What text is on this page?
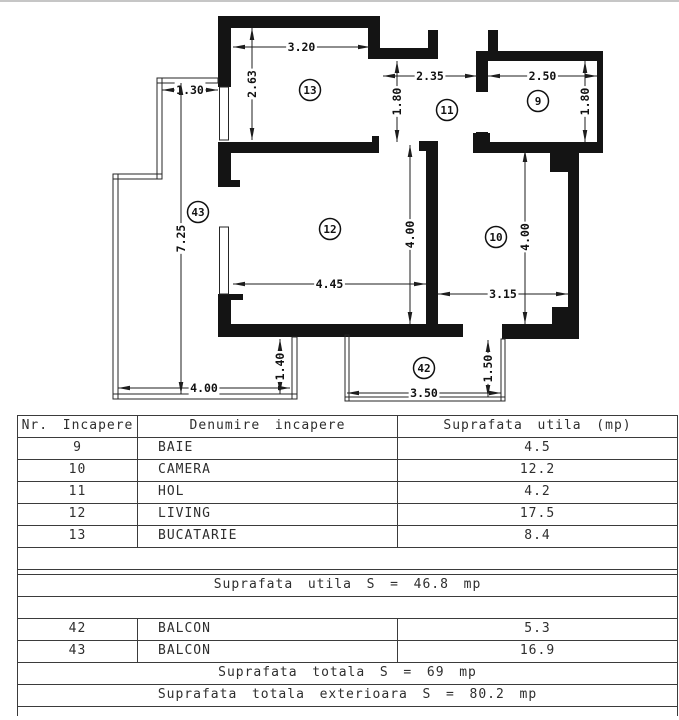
3.20
2.63
1.30
2.35	2.50
1.80	1.80
7.25	4.00	4.00
4.45
3.15
1.40
4.00	3.50
1.50
13
11
9
43
12
10
42
Nr. Incapere	Denumire incapere	Suprafata utila (mp)
9	BAIE	4.5
10	CAMERA	12.2
11	HOL	4.2
12	LIVING	17.5
13	BUCATARIE	8.4

Suprafata utila S = 46.8 mp		

42	BALCON	5.3
43	BALCON	16.9
Suprafata totala S = 69 mp		
Suprafata totala exterioara S = 80.2 mp		
